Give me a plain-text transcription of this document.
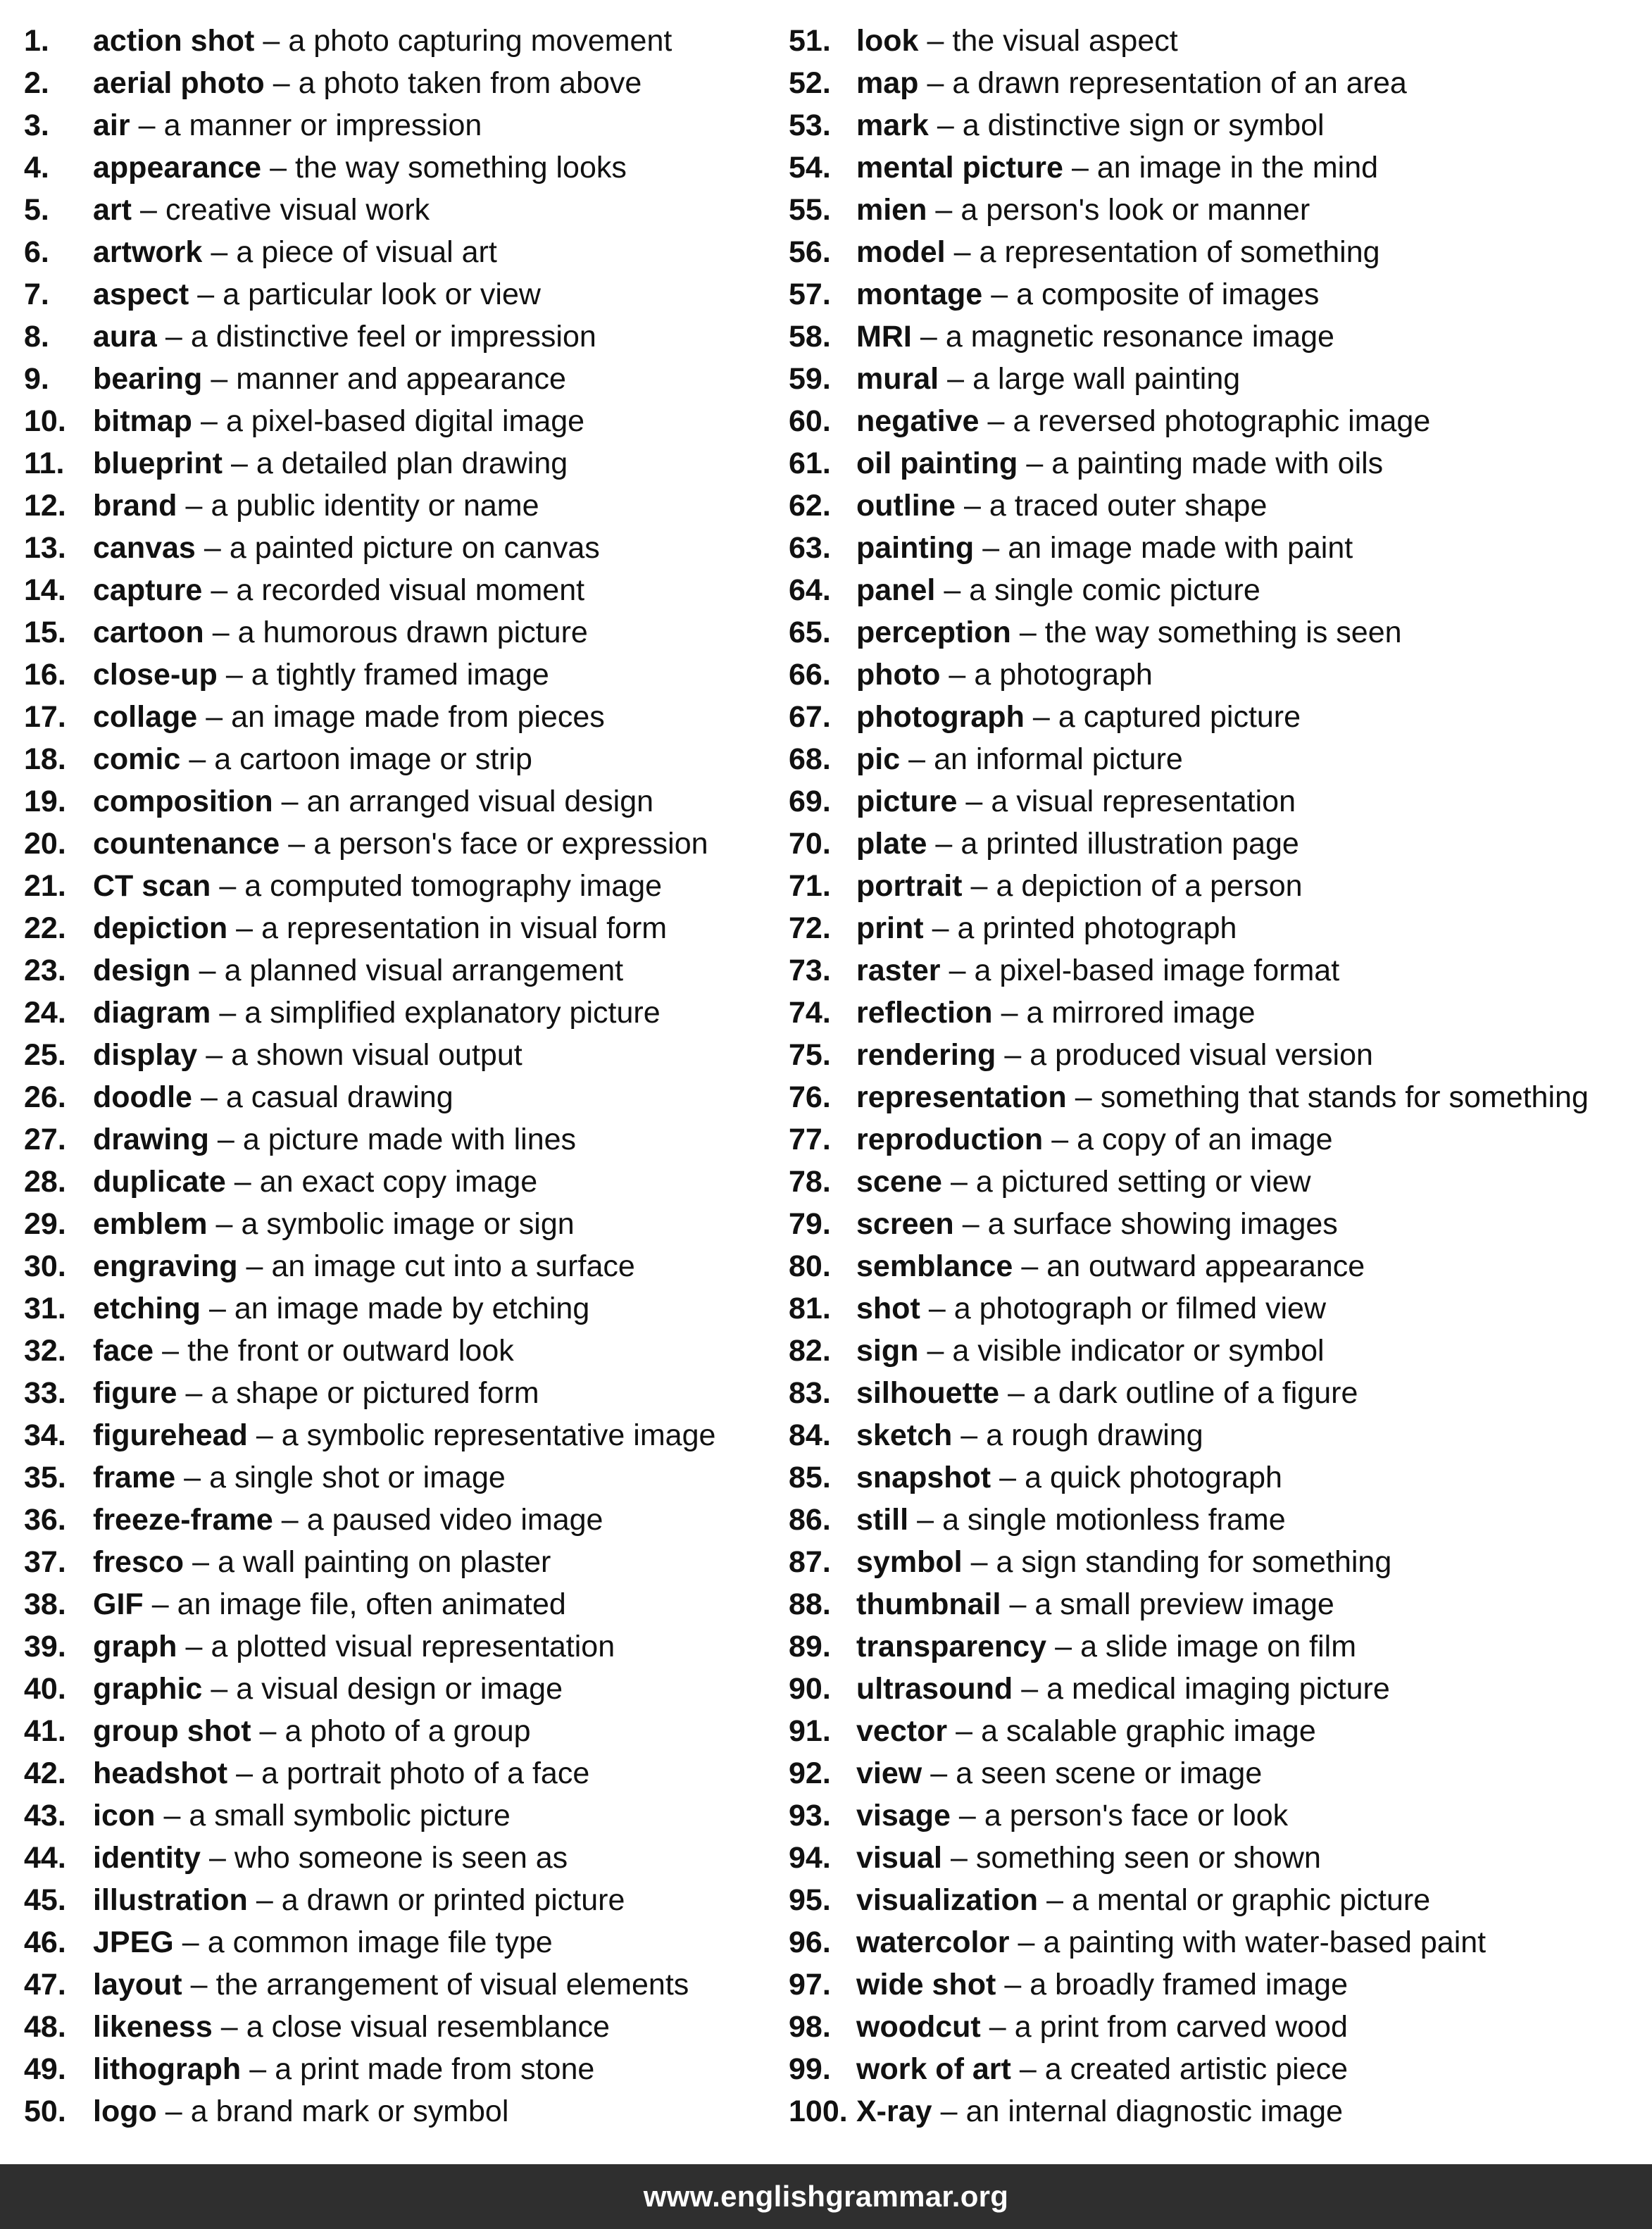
1.	action shot – a photo capturing movement
2.	aerial photo – a photo taken from above
3.	air – a manner or impression
4.	appearance – the way something looks
5.	art – creative visual work
6.	artwork – a piece of visual art
7.	aspect – a particular look or view
8.	aura – a distinctive feel or impression
9.	bearing – manner and appearance
10. bitmap – a pixel-based digital image
11. blueprint – a detailed plan drawing
12. brand – a public identity or name
13. canvas – a painted picture on canvas
14. capture – a recorded visual moment
15. cartoon – a humorous drawn picture
16. close-up – a tightly framed image
17. collage – an image made from pieces
18. comic – a cartoon image or strip
19. composition – an arranged visual design
20. countenance – a person's face or expression
21. CT scan – a computed tomography image
22. depiction – a representation in visual form
23. design – a planned visual arrangement
24. diagram – a simplified explanatory picture
25. display – a shown visual output
26. doodle – a casual drawing
27. drawing – a picture made with lines
28. duplicate – an exact copy image
29. emblem – a symbolic image or sign
30. engraving – an image cut into a surface
31. etching – an image made by etching
32. face – the front or outward look
33. figure – a shape or pictured form
34. figurehead – a symbolic representative image
35. frame – a single shot or image
36. freeze-frame – a paused video image
37. fresco – a wall painting on plaster
38. GIF – an image file, often animated
39. graph – a plotted visual representation
40. graphic – a visual design or image
41. group shot – a photo of a group
42. headshot – a portrait photo of a face
43. icon – a small symbolic picture
44. identity – who someone is seen as
45. illustration – a drawn or printed picture
46. JPEG – a common image file type
47. layout – the arrangement of visual elements
48. likeness – a close visual resemblance
49. lithograph – a print made from stone
50. logo – a brand mark or symbol
51. look – the visual aspect
52. map – a drawn representation of an area
53. mark – a distinctive sign or symbol
54. mental picture – an image in the mind
55. mien – a person's look or manner
56. model – a representation of something
57. montage – a composite of images
58. MRI – a magnetic resonance image
59. mural – a large wall painting
60. negative – a reversed photographic image
61. oil painting – a painting made with oils
62. outline – a traced outer shape
63. painting – an image made with paint
64. panel – a single comic picture
65. perception – the way something is seen
66. photo – a photograph
67. photograph – a captured picture
68. pic – an informal picture
69. picture – a visual representation
70. plate – a printed illustration page
71. portrait – a depiction of a person
72. print – a printed photograph
73. raster – a pixel-based image format
74. reflection – a mirrored image
75. rendering – a produced visual version
76. representation – something that stands for something
77. reproduction – a copy of an image
78. scene – a pictured setting or view
79. screen – a surface showing images
80. semblance – an outward appearance
81. shot – a photograph or filmed view
82. sign – a visible indicator or symbol
83. silhouette – a dark outline of a figure
84. sketch – a rough drawing
85. snapshot – a quick photograph
86. still – a single motionless frame
87. symbol – a sign standing for something
88. thumbnail – a small preview image
89. transparency – a slide image on film
90. ultrasound – a medical imaging picture
91. vector – a scalable graphic image
92. view – a seen scene or image
93. visage – a person's face or look
94. visual – something seen or shown
95. visualization – a mental or graphic picture
96. watercolor – a painting with water-based paint
97. wide shot – a broadly framed image
98. woodcut – a print from carved wood
99. work of art – a created artistic piece
100. X-ray – an internal diagnostic image
www.englishgrammar.org
